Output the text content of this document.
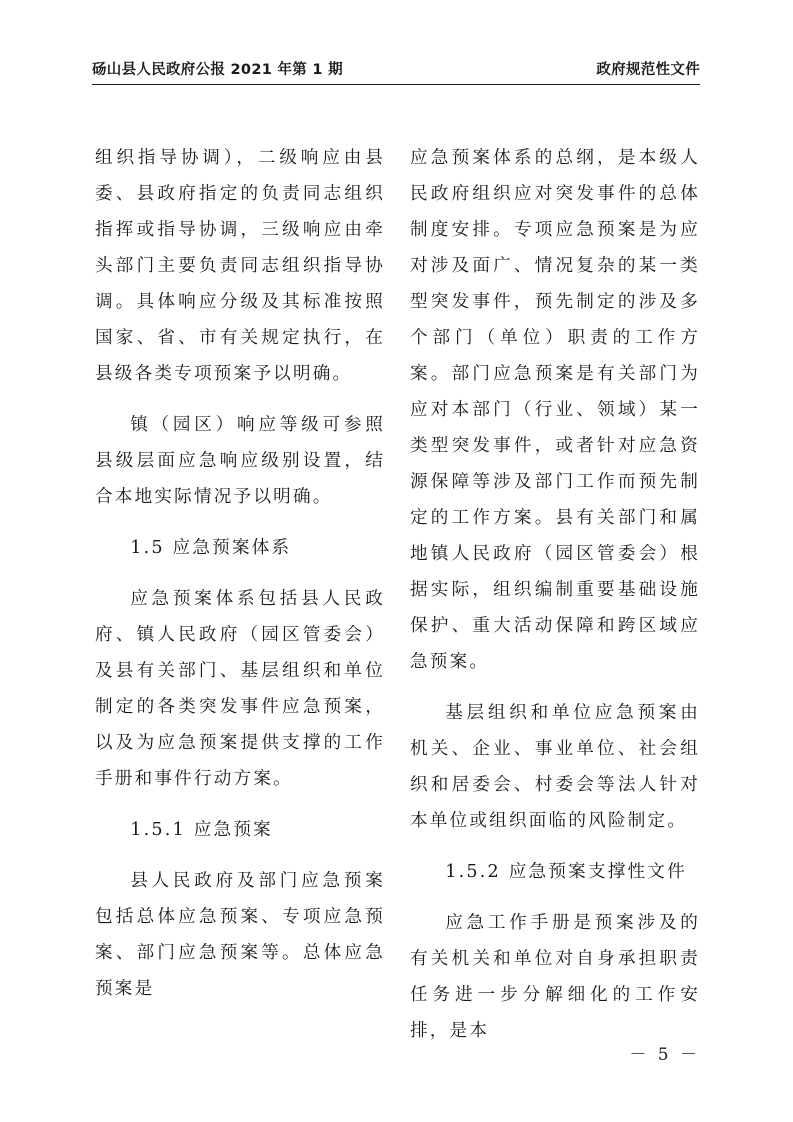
砀山县人民政府公报 2021 年第 1 期	政府规范性文件

组织指导协调），二级响应由县委、县政府指定的负责同志组织指挥或指导协调，三级响应由牵头部门主要负责同志组织指导协调。具体响应分级及其标准按照国家、省、市有关规定执行，在县级各类专项预案予以明确。

镇（园区）响应等级可参照县级层面应急响应级别设置，结合本地实际情况予以明确。

1.5 应急预案体系

应急预案体系包括县人民政府、镇人民政府（园区管委会）及县有关部门、基层组织和单位制定的各类突发事件应急预案，以及为应急预案提供支撑的工作手册和事件行动方案。

1.5.1 应急预案

县人民政府及部门应急预案包括总体应急预案、专项应急预案、部门应急预案等。总体应急预案是

应急预案体系的总纲，是本级人民政府组织应对突发事件的总体制度安排。专项应急预案是为应对涉及面广、情况复杂的某一类型突发事件，预先制定的涉及多个部门（单位）职责的工作方案。部门应急预案是有关部门为应对本部门（行业、领域）某一类型突发事件，或者针对应急资源保障等涉及部门工作而预先制定的工作方案。县有关部门和属地镇人民政府（园区管委会）根据实际，组织编制重要基础设施保护、重大活动保障和跨区域应急预案。

基层组织和单位应急预案由机关、企业、事业单位、社会组织和居委会、村委会等法人针对本单位或组织面临的风险制定。

1.5.2 应急预案支撑性文件

应急工作手册是预案涉及的有关机关和单位对自身承担职责任务进一步分解细化的工作安排，是本

－ 5 －
